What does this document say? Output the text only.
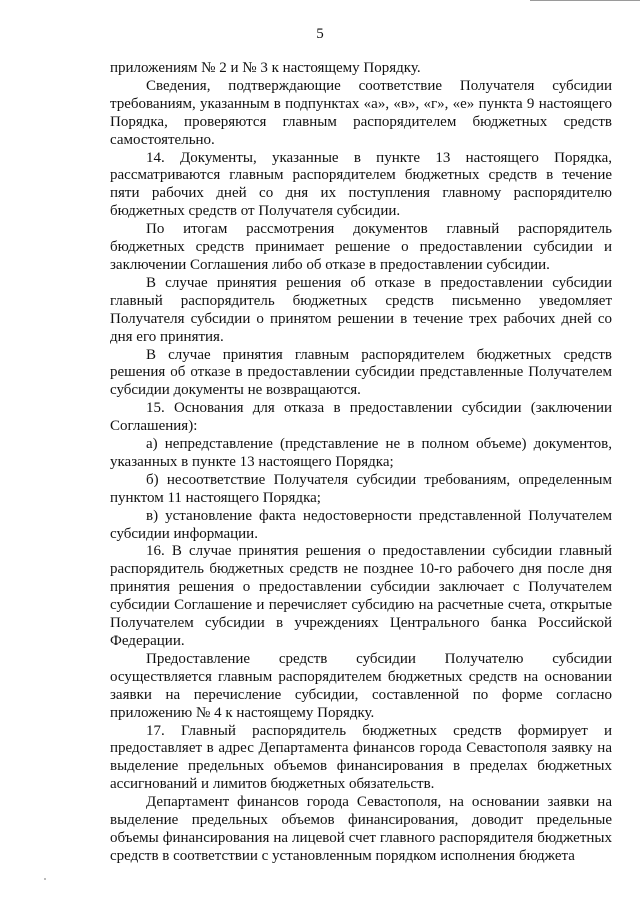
5

приложениям № 2 и № 3 к настоящему Порядку.

Сведения, подтверждающие соответствие Получателя субсидии требованиям, указанным в подпунктах «а», «в», «г», «е» пункта 9 настоящего Порядка, проверяются главным распорядителем бюджетных средств самостоятельно.

14. Документы, указанные в пункте 13 настоящего Порядка, рассматриваются главным распорядителем бюджетных средств в течение пяти рабочих дней со дня их поступления главному распорядителю бюджетных средств от Получателя субсидии.

По итогам рассмотрения документов главный распорядитель бюджетных средств принимает решение о предоставлении субсидии и заключении Соглашения либо об отказе в предоставлении субсидии.

В случае принятия решения об отказе в предоставлении субсидии главный распорядитель бюджетных средств письменно уведомляет Получателя субсидии о принятом решении в течение трех рабочих дней со дня его принятия.

В случае принятия главным распорядителем бюджетных средств решения об отказе в предоставлении субсидии представленные Получателем субсидии документы не возвращаются.

15. Основания для отказа в предоставлении субсидии (заключении Соглашения):

а) непредставление (представление не в полном объеме) документов, указанных в пункте 13 настоящего Порядка;

б) несоответствие Получателя субсидии требованиям, определенным пунктом 11 настоящего Порядка;

в) установление факта недостоверности представленной Получателем субсидии информации.

16. В случае принятия решения о предоставлении субсидии главный распорядитель бюджетных средств не позднее 10-го рабочего дня после дня принятия решения о предоставлении субсидии заключает с Получателем субсидии Соглашение и перечисляет субсидию на расчетные счета, открытые Получателем субсидии в учреждениях Центрального банка Российской Федерации.

Предоставление средств субсидии Получателю субсидии осуществляется главным распорядителем бюджетных средств на основании заявки на перечисление субсидии, составленной по форме согласно приложению № 4 к настоящему Порядку.

17. Главный распорядитель бюджетных средств формирует и предоставляет в адрес Департамента финансов города Севастополя заявку на выделение предельных объемов финансирования в пределах бюджетных ассигнований и лимитов бюджетных обязательств.

Департамент финансов города Севастополя, на основании заявки на выделение предельных объемов финансирования, доводит предельные объемы финансирования на лицевой счет главного распорядителя бюджетных средств в соответствии с установленным порядком исполнения бюджета
